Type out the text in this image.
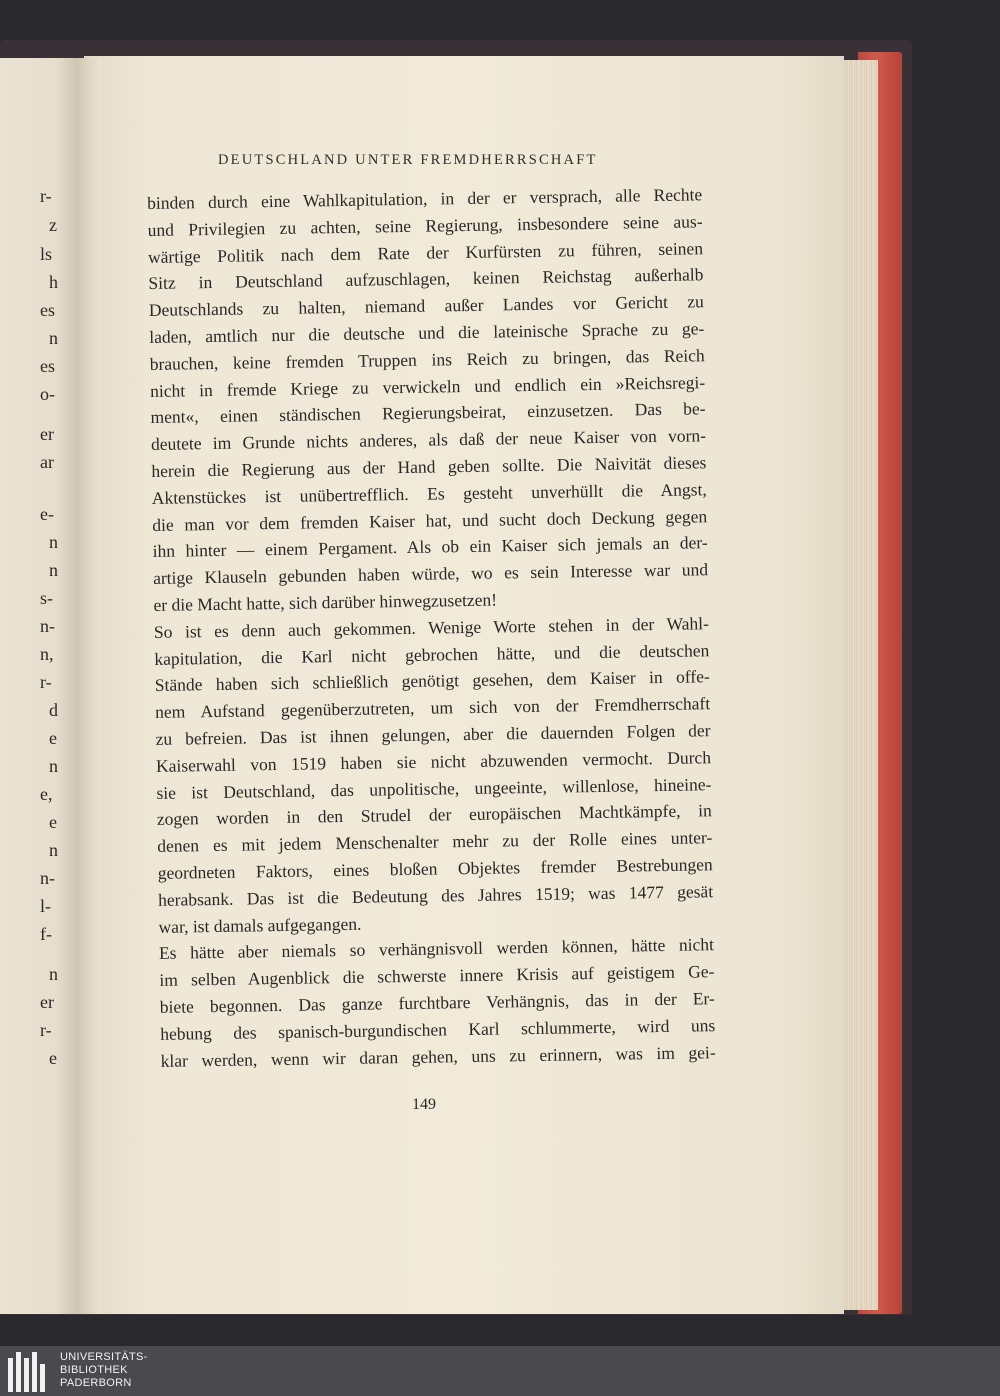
r-
z
ls
h
es
n
es
o-
er
ar
e-
n
n
s-
n-
n,
r-
d
e
n
e,
e
n
n-
l-
f-
n
er
r-
e
DEUTSCHLAND UNTER FREMDHERRSCHAFT
binden durch eine Wahlkapitulation, in der er versprach, alle Rechte
und Privilegien zu achten, seine Regierung, insbesondere seine aus-
wärtige Politik nach dem Rate der Kurfürsten zu führen, seinen
Sitz in Deutschland aufzuschlagen, keinen Reichstag außerhalb
Deutschlands zu halten, niemand außer Landes vor Gericht zu
laden, amtlich nur die deutsche und die lateinische Sprache zu ge-
brauchen, keine fremden Truppen ins Reich zu bringen, das Reich
nicht in fremde Kriege zu verwickeln und endlich ein »Reichsregi-
ment«, einen ständischen Regierungsbeirat, einzusetzen. Das be-
deutete im Grunde nichts anderes, als daß der neue Kaiser von vorn-
herein die Regierung aus der Hand geben sollte. Die Naivität dieses
Aktenstückes ist unübertrefflich. Es gesteht unverhüllt die Angst,
die man vor dem fremden Kaiser hat, und sucht doch Deckung gegen
ihn hinter — einem Pergament. Als ob ein Kaiser sich jemals an der-
artige Klauseln gebunden haben würde, wo es sein Interesse war und
er die Macht hatte, sich darüber hinwegzusetzen!
So ist es denn auch gekommen. Wenige Worte stehen in der Wahl-
kapitulation, die Karl nicht gebrochen hätte, und die deutschen
Stände haben sich schließlich genötigt gesehen, dem Kaiser in offe-
nem Aufstand gegenüberzutreten, um sich von der Fremdherrschaft
zu befreien. Das ist ihnen gelungen, aber die dauernden Folgen der
Kaiserwahl von 1519 haben sie nicht abzuwenden vermocht. Durch
sie ist Deutschland, das unpolitische, ungeeinte, willenlose, hineine-
zogen worden in den Strudel der europäischen Machtkämpfe, in
denen es mit jedem Menschenalter mehr zu der Rolle eines unter-
geordneten Faktors, eines bloßen Objektes fremder Bestrebungen
herabsank. Das ist die Bedeutung des Jahres 1519; was 1477 gesät
war, ist damals aufgegangen.
Es hätte aber niemals so verhängnisvoll werden können, hätte nicht
im selben Augenblick die schwerste innere Krisis auf geistigem Ge-
biete begonnen. Das ganze furchtbare Verhängnis, das in der Er-
hebung des spanisch-burgundischen Karl schlummerte, wird uns
klar werden, wenn wir daran gehen, uns zu erinnern, was im gei-
149
UNIVERSITÄTS-
BIBLIOTHEK
PADERBORN
